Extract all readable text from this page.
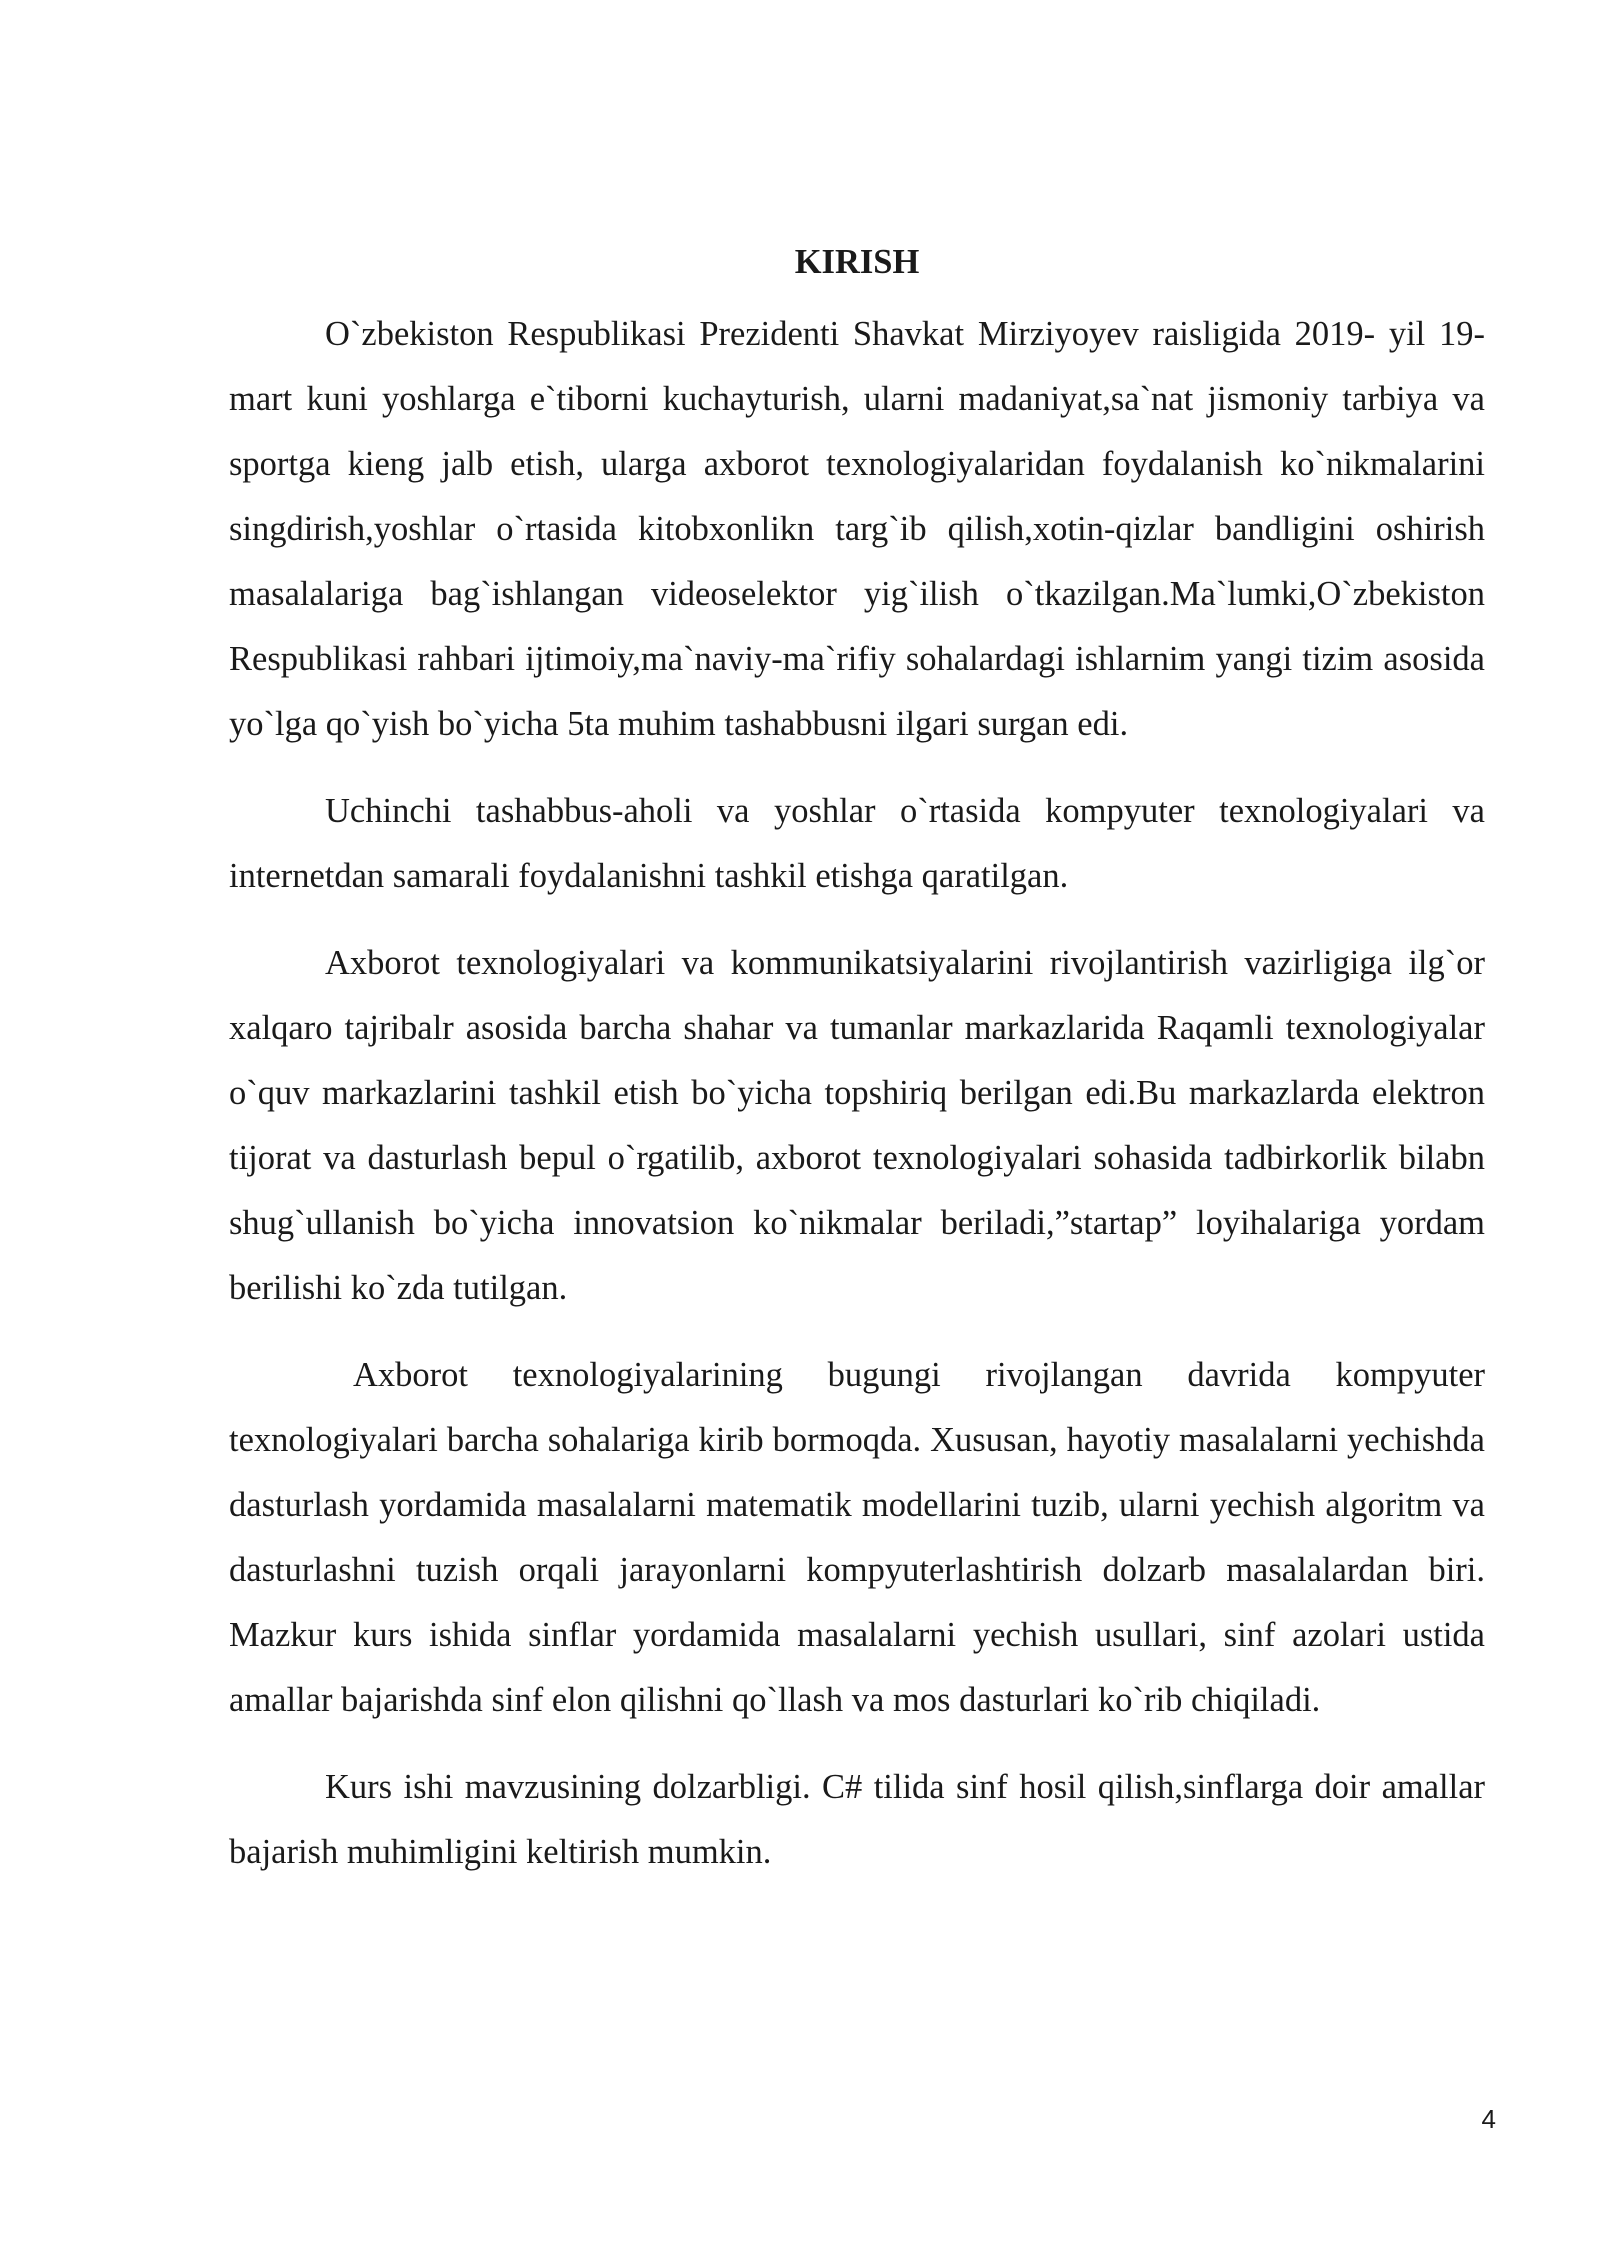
KIRISH

O`zbekiston Respublikasi Prezidenti Shavkat Mirziyoyev raisligida 2019- yil 19- mart kuni yoshlarga e`tiborni kuchayturish, ularni madaniyat,sa`nat jismoniy tarbiya va sportga kieng jalb etish, ularga axborot texnologiyalaridan foydalanish ko`nikmalarini singdirish,yoshlar o`rtasida kitobxonlikn targ`ib qilish,xotin-qizlar bandligini oshirish masalalariga bag`ishlangan videoselektor yig`ilish o`tkazilgan.Ma`lumki,O`zbekiston Respublikasi rahbari ijtimoiy,ma`naviy-ma`rifiy sohalardagi ishlarnim yangi tizim asosida yo`lga qo`yish bo`yicha 5ta muhim tashabbusni ilgari surgan edi.

Uchinchi tashabbus-aholi va yoshlar o`rtasida kompyuter texnologiyalari va internetdan samarali foydalanishni tashkil etishga qaratilgan.

Axborot texnologiyalari va kommunikatsiyalarini rivojlantirish vazirligiga ilg`or xalqaro tajribalr asosida barcha shahar va tumanlar markazlarida Raqamli texnologiyalar o`quv markazlarini tashkil etish bo`yicha topshiriq berilgan edi.Bu markazlarda elektron tijorat va dasturlash bepul o`rgatilib, axborot texnologiyalari sohasida tadbirkorlik bilabn shug`ullanish bo`yicha innovatsion ko`nikmalar beriladi,”startap” loyihalariga yordam berilishi ko`zda tutilgan.

Axborot texnologiyalarining bugungi rivojlangan davrida kompyuter texnologiyalari barcha sohalariga kirib bormoqda. Xususan, hayotiy masalalarni yechishda dasturlash yordamida masalalarni matematik modellarini tuzib, ularni yechish algoritm va dasturlashni tuzish orqali jarayonlarni kompyuterlashtirish dolzarb masalalardan biri. Mazkur kurs ishida sinflar yordamida masalalarni yechish usullari, sinf azolari ustida amallar bajarishda sinf elon qilishni qo`llash va mos dasturlari ko`rib chiqiladi.

Kurs ishi mavzusining dolzarbligi. C# tilida sinf hosil qilish,sinflarga doir amallar bajarish muhimligini keltirish mumkin.

4
